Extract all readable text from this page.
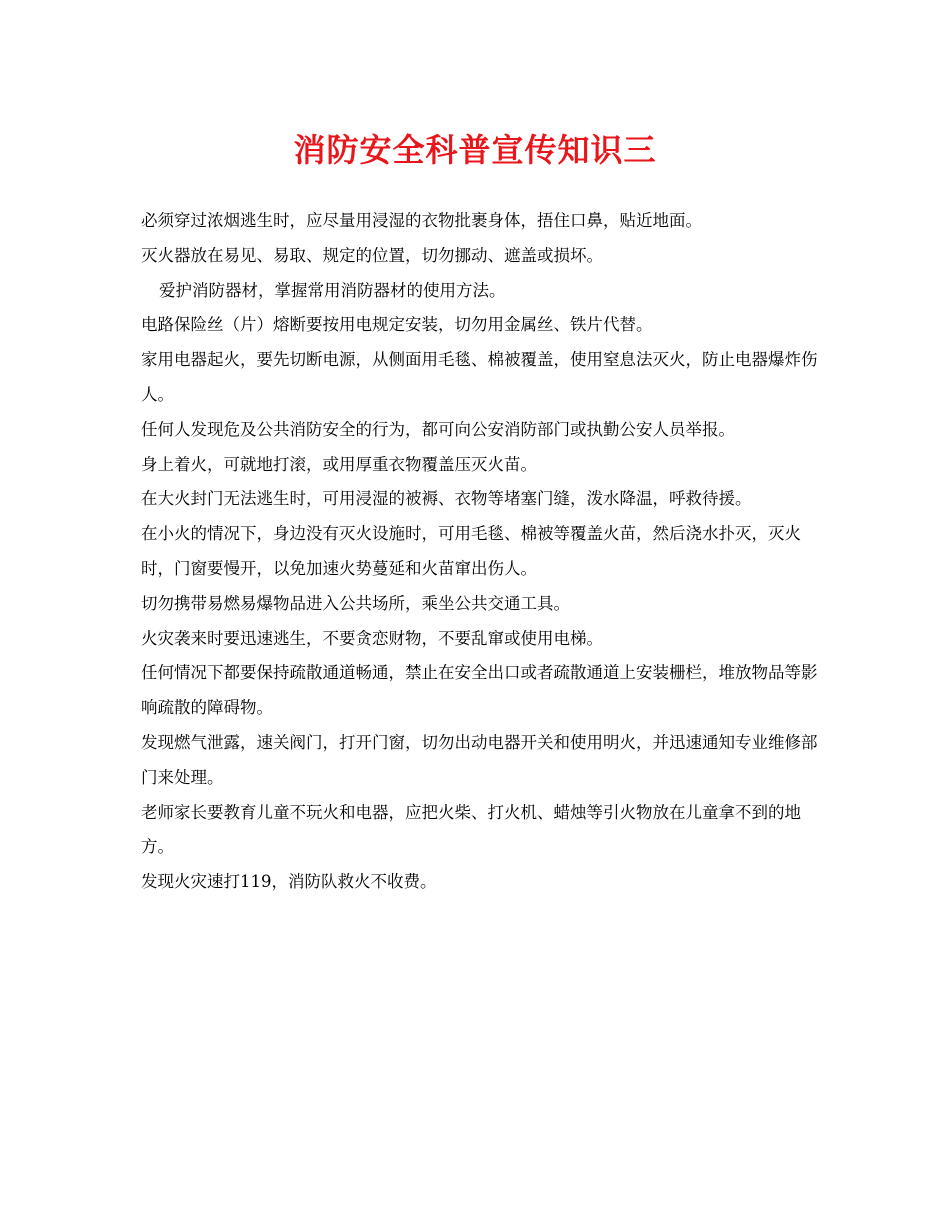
消防安全科普宣传知识三

必须穿过浓烟逃生时，应尽量用浸湿的衣物批裹身体，捂住口鼻，贴近地面。

灭火器放在易见、易取、规定的位置，切勿挪动、遮盖或损坏。

爱护消防器材，掌握常用消防器材的使用方法。

电路保险丝（片）熔断要按用电规定安装，切勿用金属丝、铁片代替。

家用电器起火，要先切断电源，从侧面用毛毯、棉被覆盖，使用窒息法灭火，防止电器爆炸伤人。

任何人发现危及公共消防安全的行为，都可向公安消防部门或执勤公安人员举报。

身上着火，可就地打滚，或用厚重衣物覆盖压灭火苗。

在大火封门无法逃生时，可用浸湿的被褥、衣物等堵塞门缝，泼水降温，呼救待援。

在小火的情况下，身边没有灭火设施时，可用毛毯、棉被等覆盖火苗，然后浇水扑灭，灭火时，门窗要慢开，以免加速火势蔓延和火苗窜出伤人。

切勿携带易燃易爆物品进入公共场所，乘坐公共交通工具。

火灾袭来时要迅速逃生，不要贪恋财物，不要乱窜或使用电梯。

任何情况下都要保持疏散通道畅通，禁止在安全出口或者疏散通道上安装栅栏，堆放物品等影响疏散的障碍物。

发现燃气泄露，速关阀门，打开门窗，切勿出动电器开关和使用明火，并迅速通知专业维修部门来处理。

老师家长要教育儿童不玩火和电器，应把火柴、打火机、蜡烛等引火物放在儿童拿不到的地方。

发现火灾速打119，消防队救火不收费。
